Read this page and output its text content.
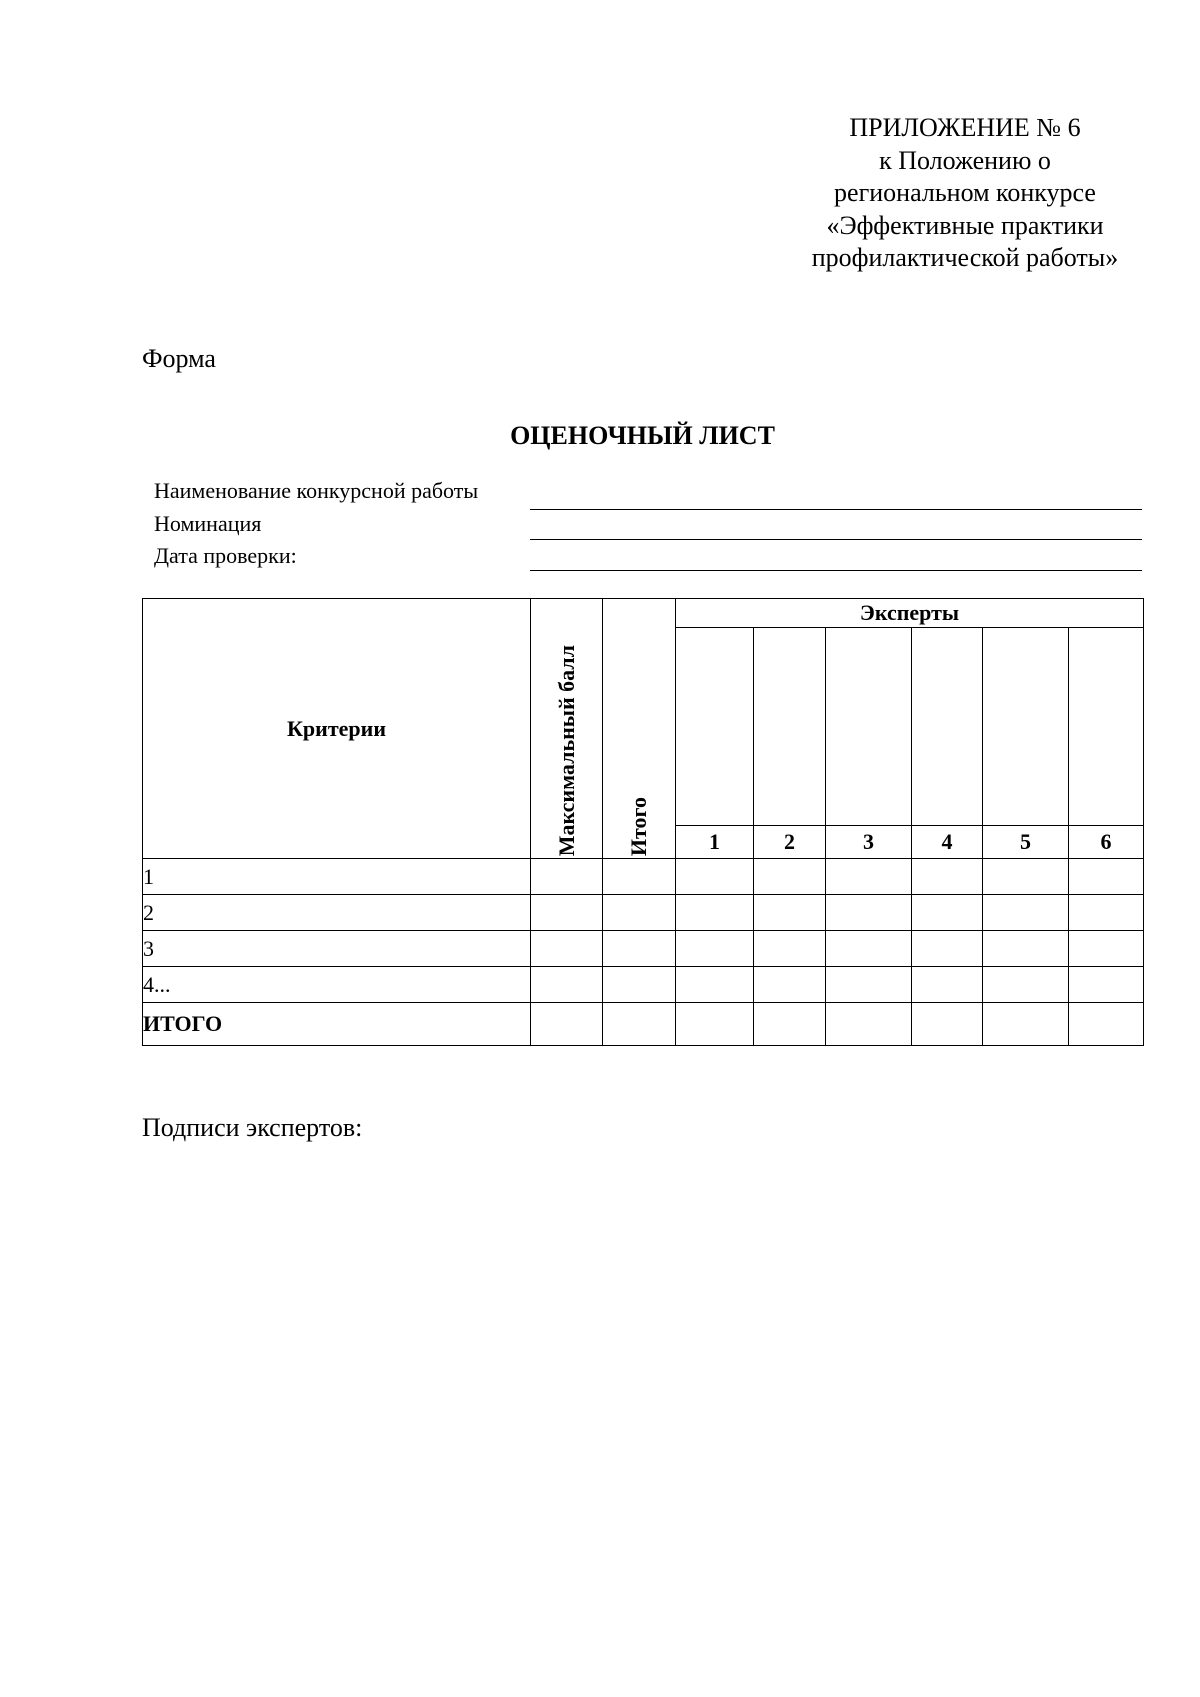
ПРИЛОЖЕНИЕ № 6
к Положению о
региональном конкурсе
«Эффективные практики
профилактической работы»
Форма
ОЦЕНОЧНЫЙ ЛИСТ
Наименование конкурсной работы
Номинация
Дата проверки:
Критерии	Максимальный балл	Итого	Эксперты					

			1	2	3	4	5	6
1								
2								
3								
4...								
ИТОГО								
Подписи экспертов:
